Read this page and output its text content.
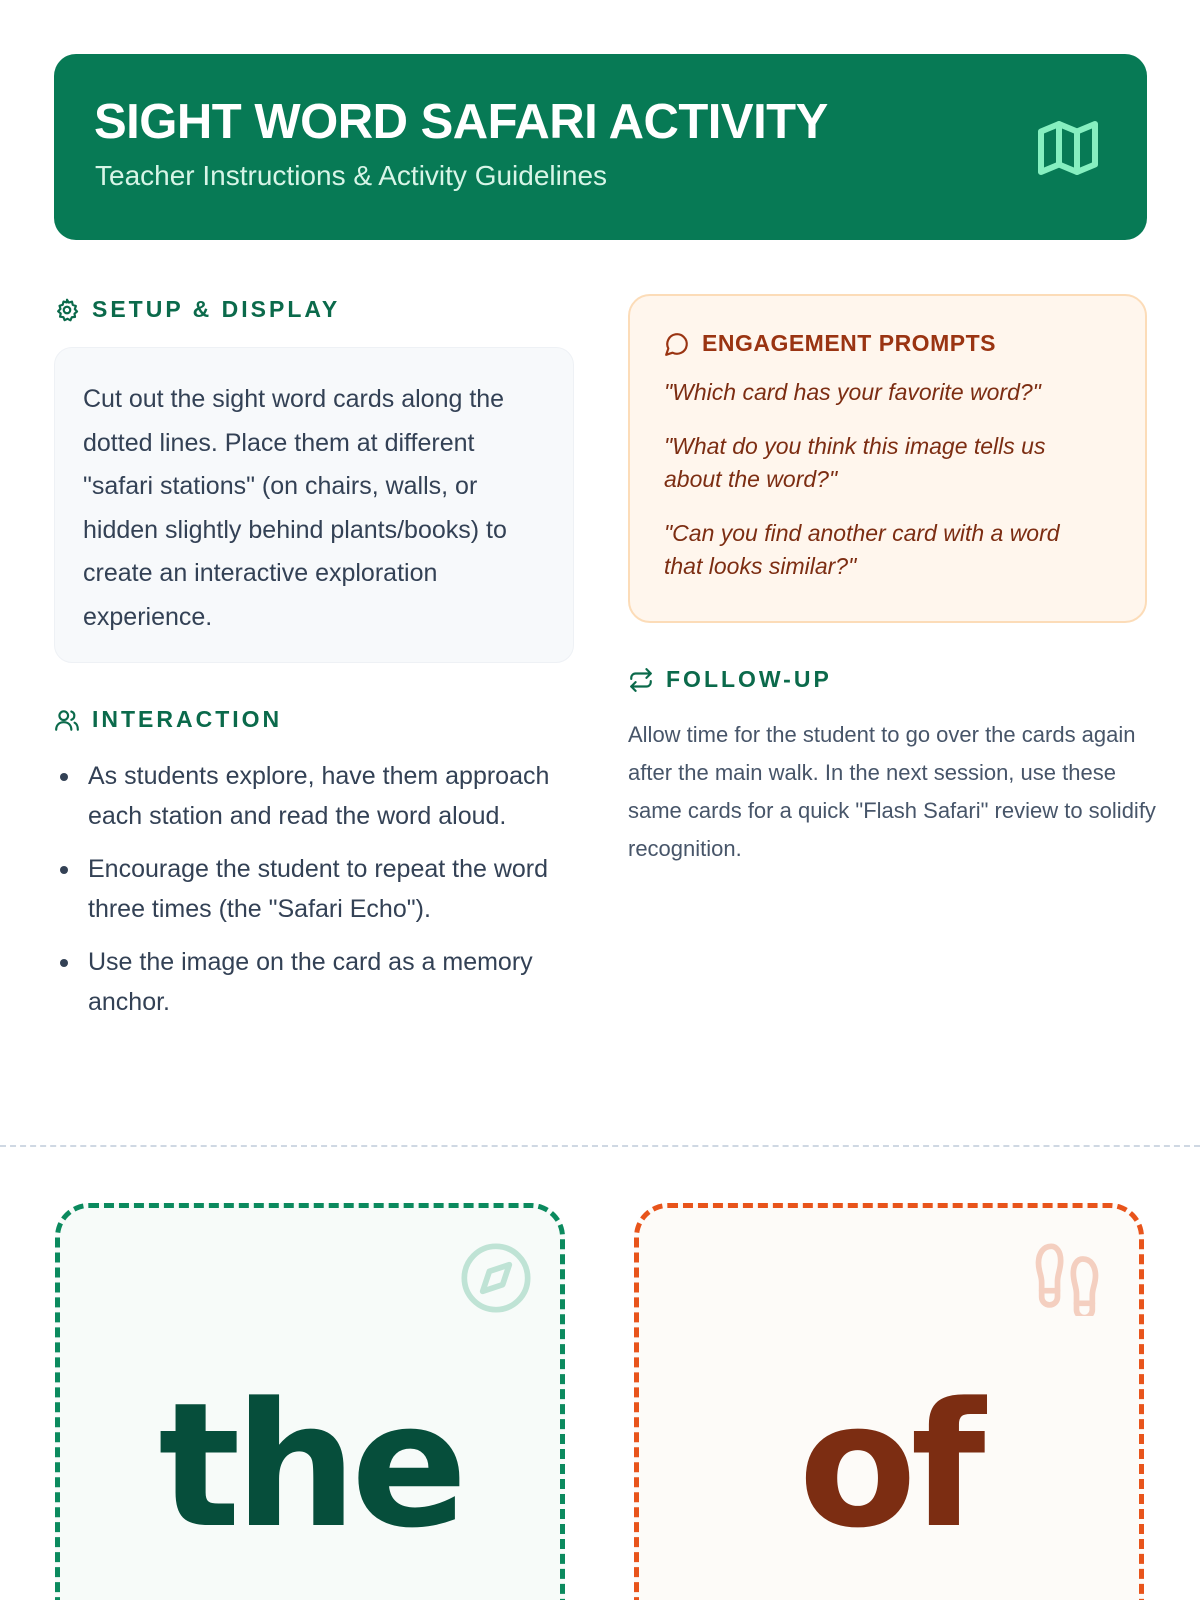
SIGHT WORD SAFARI ACTIVITY
Teacher Instructions & Activity Guidelines
SETUP & DISPLAY

Cut out the sight word cards along the dotted lines. Place them at different "safari stations" (on chairs, walls, or hidden slightly behind plants/books) to create an interactive exploration experience.

INTERACTION
As students explore, have them approach each station and read the word aloud.
Encourage the student to repeat the word three times (the "Safari Echo").
Use the image on the card as a memory anchor.
ENGAGEMENT PROMPTS

"Which card has your favorite word?"

"What do you think this image tells us about the word?"

"Can you find another card with a word that looks similar?"

FOLLOW-UP

Allow time for the student to go over the cards again after the main walk. In the next session, use these same cards for a quick "Flash Safari" review to solidify recognition.

the	of
